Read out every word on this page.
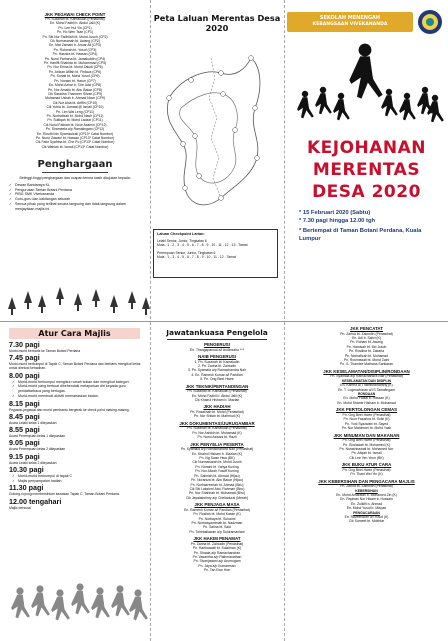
JKK PEGAWAI CHECK POINT
Pn. Suzanah bt. Kamaludin (Penasihat)
En. Mohd Fadhli b. Abdul Jalil (K)
Pn. Lee Hui Yin (CP1)
Pn. Ho Wen Tsan (CP1)
Pn. Siti Nur Fadhilah bt. Mohd Jusoh (CP2)
Cik Nurhasanah bt. Awang (CP2)
En. Mat Zamani b. Anuar Ali (CP3)
Pn. Rohmah bt. Yusof (CP3)
Pn. Hasnira bt. Hassan (CP4)
Pn. Nurul Farhana bt. Jamaluddin (CP4)
Pn. Haniffi Shahida bt. Muhammad (CP5)
Pn. Nor Erlina bt. Mohd Zaludi (CP5)
Pn. Ahlzan Afifah bt. Firdaus (CP6)
Pn. Suriati bt. Mohd Yusof (CP6)
Pn. Noraini bt. Harun (CP7)
En. Mohd Azhar b. Che Adzi (CP8)
Pn. Nor Amalia bt. Abu Bakar (CP8)
Cik Saradha Thanneer Silvan (CP9)
Mohamad Ushah b. Ahmad Nizar (CP9)
Cik Nur Aina bt. Ariffin (CP10)
Cik Yuhla bt. Jumaat @ Ismail (CP10)
Pn. Lim Wai Leng (CP11)
Pn. Norhafizah bt. Mohd Nasir (CP11)
Pn. Suttiqah bt. Mohd Ladzar (CP11)
Cik Nurul Fathiah bt. Noor Azamin (CP12)
Pn. Shameela a/p Ramalingam (CP12)
En. Rosdhi bin Syamsulzali (CP13* Catat Nombor)
Pn. Nurul Zawani bt. Hassan (CP13* Catat Nombor)
Cik Fatin Syafrina bt. Che Po (CP13* Catat Nombor)
Cik Wahiah bt. Ismail (CP13* Catat Nombor)
Penghargaan
Setinggi-tinggi penghargaan dan ucapan terima kasih ditujukan kepada:
✓ Dewan Bandaraya KL
✓ Pengurusan Taman Botani Perdana
✓ PIBG SMK Vivekananda
✓ Guru-guru dan kakitangan sekolah
✓ Semua pihak yang terlibat secara langsung dan tidak langsung dalam menjayakan majlis ini
Peta Laluan Merentas Desa 2020
Laluan Checkpoint Larian:
Lelaki Senior, Junior, Tingkatan 6
Mula - 1 - 2 - 3 - 4 - 5 - 6 - 7 - 8 - 9 - 10 - 11 - 12 - 13 - Tamat
Perempuan Senior, Junior, Tingkatan 6
Mula - 1 - 3 - 4 - 5 - 6 - 7 - 8 - 9 - 10 - 11 - 12 - Tamat
SEKOLAH MENENGAH
KEBANGSAAN VIVEKANANDA
KEJOHANAN
MERENTAS
DESA 2020
* 15 Februari 2020 (Sabtu)
* 7.30 pagi hingga 12.00 tgh
* Bertempat di Taman Botani Perdana, Kuala Lumpur
Atur Cara Majlis
7.30 pagi
Murid-murid berbaris ke Taman Botani Perdana
7.45 pagi
Murid-murid berkumpul di Tapak C, Taman Botani Perdana dan berbaris mengikut kelas untuk direkod kehadiran.
8.00 pagi
✓ Murid-murid berkumpul mengikut rumah sukan dan mengikut kategori.
✓ Murid-murid yang berbuat dikehendaki melaporkan diri kepada guru pendaftarbaca yang bertugas.
✓ Murid-murid membuat aktiviti memanaskan badan.
8.15 pagi
Pegawai-pegawai dan murid pembantu bergerak ke check point masing-masing.
8.45 pagi
Acara Lelaki kelas 1 dilepaskan
8.55 pagi
Acara Perempuan kelas 1 dilepaskan
9.05 pagi
Acara Perempuan kelas 2 dilepaskan
9.15 pagi
Acara Lelaki kelas 2 dilepaskan
10.30 pagi
✓ Murid-murid berkumpul di tapak C
✓ Majlis penyampaian hadiah
11.30 pagi
Gotong-royong membersihkan kawasan Tapak C, Taman Botani Perdana.
12.00 tengahari
Majlis bersurai
Jawatankuasa Pengelola
PENGERUSI
En. Thangapannai a/l Andimuthu ***
NAIB PENGERUSI
1. Pn. Suzanah bt. Kamaludin
2. Pn. Zarina bt. Zainudin
3. Pn. Syamala a/p Ramachandra Nair
4. En. Ramesh Kumar a/l Pandian
5. Pn. Ong Beei Hwee
JKK TEKNIK/PERTANDINGAN
Pn. Suzanah bt. Kamaludin (Penasihat)
En. Mohd Fadhli b. Abdul Jalil (K)
Cik Khairul Hisham b. Mazlan
JKK HADIAH
Pn. Rosalinah bt. Mohd (Penasihat)
Pn. Nor Shilan bt. Mahmud (K)
JKK DOKUMENTASI/JURUGAMBAR
Pn. Suzanah bt. Kamaludin (Penasihat)
Pn. Nor Ashikin bt. Mohamad (K)
Pn. Nurul Azwani bt. Razli
JKK PENYELIA PESERTA
Pn. Syamala a/p Ramachandra Nair (Penasihat)
En. Khairul Hisham b. Mazlan (K)
Pn. Ng Swan Hwa (BK)
Cik Nurmaisarah bt. Mohd Jusoh
Pn. Noraini bt. Yahya Kuning
Pn. Nor Alizah Yusoff Kuning
Pn. Salmiah bt. Ahmad (Hijau)
Pn. Noraniza bt. Abu Bakar (Hijau)
Pn. Nurhazreenah bt. Ahmad (Biru)
Cik Siti Lakshmi Abd. Rahman (Biru)
Pn. Nor Shahirah bt. Mohamad (Biru)
Cik Jayalakshmy a/p Chelladurai (Merah)
JKK PENJAGA MASA
En. Ramesh Kumar a/l Pandian (Penasihat)
Pn. Rosliah bt. Mohd Kasim (K)
Pn. Norbaya bt. Suhaimi
Pn. Nurhasyamimah bt. Nadzman
Pn. Salina bt. Said
Pn. Tohirbaliawan a/p Suhiramaniam
JKK HAKIM PENAMAT
Pn. Zarina bt. Zainudin (Penasihat)
Pn. Hartinawati bt. Sulaiman (K)
Pn. Shaala a/p Ramachandran
Pn. Vasantha a/p Pathmanathan
Pn. Sivanjawani a/p Arumugam
Pn. Jaya a/p Kumaresan
Pn. Tan Ewe Hoe
JKK PENCATAT
Pn. Zarina bt. Zainudin (Penasihat)
En. Adi b. Sabri (K)
Pn. Rohani bt. Awang
Pn. Hamisah bt. Md Jusoh
Pn. Rosilina bt. Zakaria
Pn. Norhafizah bt. Mohamad
Pn. Rosmawati bt. Mohd Zaini
Pn. S. Thamlee Mathana Sankaran
JKK KESELAMATAN/DISIPLIN/RONDAAN
Pn. Syamala a/p Ramachandra Nair (Penasihat)
KESELAMATAN DAN DISIPLIN
En. Kamrul Al Thambiramanthy (K)
En. T. Logeswharan a/l S.Tamalingam
RONDAAN
En. Mohd Faisal b. Hassan (K)
En. Mohd Shamir Hisham b. Mohamad
JKK PERTOLONGAN CEMAS
Pn. Ong Beei Hwee (Penasihat)
Pn. Noor Fazarina bt. Sulki (K)
Pn. Yuni Syazwani bt. Sayed
Pn. Nor Mahimoel bt. Mohd Yasir
JKK MINUMAN DAN MAKANAN
Pn. Ong Beei Hwee (Penasihat)
Pn. Roslawati bt. Mohamed (K)
Pn. Nurashirawati bt. Mohamed Nor
Pn. Afiqah bt. Ismail
Cik Lee Yen Yeun (BK)
JKK BUKU ATUR CARA
Pn. Ong Beei Hwee (Penasihat)
Pn. Thani Wei Yin (K)
JKK KEBERSIHAN DAN PENGACARA MAJLIS
Pn. Zarina bt. Zainudin (Penasihat)
KEBERSIHAN
En. Mohd Amaralah b. Mohamed Zin (K)
En. Rapinan Nor Hisam b. Hussain
En. Zulkifli b. Ahmad
En. Mohd Yusof b. Mispari
PENGACARAAN
En. Raveendran a/l Yusof (K)
Cik Sumeet bt. Mokhtar
